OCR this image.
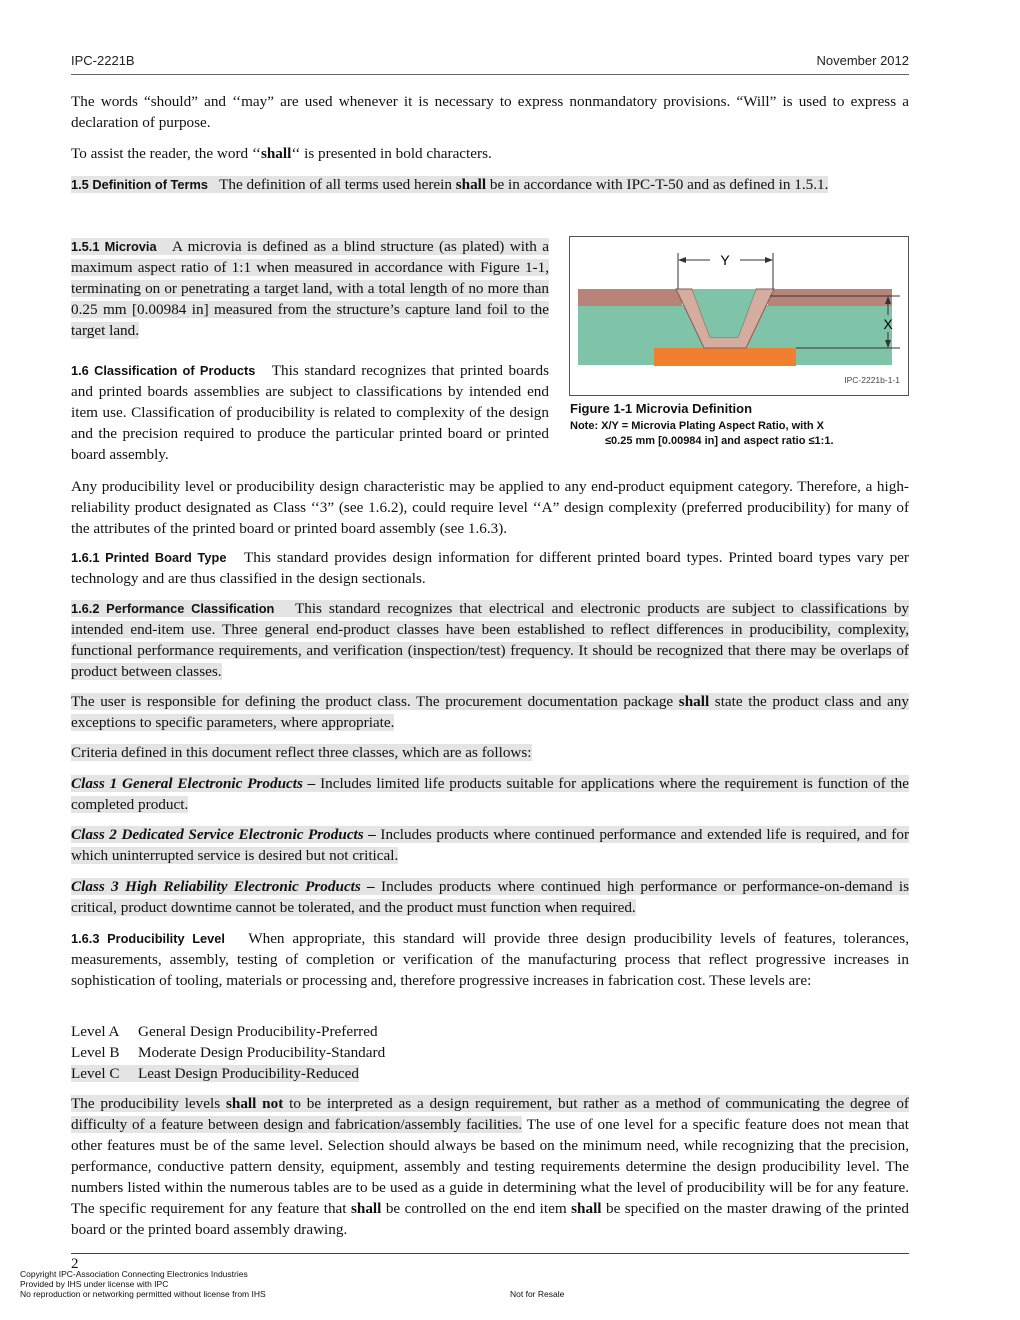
IPC-2221B	November 2012

The words “should” and ‘‘may” are used whenever it is necessary to express nonmandatory provisions. “Will” is used to express a declaration of purpose.

To assist the reader, the word ‘‘shall‘‘ is presented in bold characters.

1.5 Definition of Terms The definition of all terms used herein shall be in accordance with IPC-T-50 and as defined in 1.5.1.

1.5.1 Microvia A microvia is defined as a blind structure (as plated) with a maximum aspect ratio of 1:1 when measured in accordance with Figure 1-1, terminating on or penetrating a target land, with a total length of no more than 0.25 mm [0.00984 in] measured from the structure’s capture land foil to the target land.

1.6 Classification of Products This standard recognizes that printed boards and printed boards assemblies are subject to classifications by intended end item use. Classification of producibility is related to complexity of the design and the precision required to produce the particular printed board or printed board assembly.

Y
X
IPC-2221b-1-1
Figure 1-1 Microvia Definition
Note: X/Y = Microvia Plating Aspect Ratio, with X
≤0.25 mm [0.00984 in] and aspect ratio ≤1:1.

Any producibility level or producibility design characteristic may be applied to any end-product equipment category. Therefore, a high-reliability product designated as Class ‘‘3” (see 1.6.2), could require level ‘‘A” design complexity (preferred producibility) for many of the attributes of the printed board or printed board assembly (see 1.6.3).

1.6.1 Printed Board Type This standard provides design information for different printed board types. Printed board types vary per technology and are thus classified in the design sectionals.

1.6.2 Performance Classification This standard recognizes that electrical and electronic products are subject to classifications by intended end-item use. Three general end-product classes have been established to reflect differences in producibility, complexity, functional performance requirements, and verification (inspection/test) frequency. It should be recognized that there may be overlaps of product between classes.

The user is responsible for defining the product class. The procurement documentation package shall state the product class and any exceptions to specific parameters, where appropriate.

Criteria defined in this document reflect three classes, which are as follows:

Class 1 General Electronic Products – Includes limited life products suitable for applications where the requirement is function of the completed product.

Class 2 Dedicated Service Electronic Products – Includes products where continued performance and extended life is required, and for which uninterrupted service is desired but not critical.

Class 3 High Reliability Electronic Products – Includes products where continued high performance or performance-on-demand is critical, product downtime cannot be tolerated, and the product must function when required.

1.6.3 Producibility Level When appropriate, this standard will provide three design producibility levels of features, tolerances, measurements, assembly, testing of completion or verification of the manufacturing process that reflect progressive increases in sophistication of tooling, materials or processing and, therefore progressive increases in fabrication cost. These levels are:

Level A General Design Producibility-Preferred
Level B Moderate Design Producibility-Standard
Level C Least Design Producibility-Reduced

The producibility levels shall not to be interpreted as a design requirement, but rather as a method of communicating the degree of difficulty of a feature between design and fabrication/assembly facilities. The use of one level for a specific feature does not mean that other features must be of the same level. Selection should always be based on the minimum need, while recognizing that the precision, performance, conductive pattern density, equipment, assembly and testing requirements determine the design producibility level. The numbers listed within the numerous tables are to be used as a guide in determining what the level of producibility will be for any feature. The specific requirement for any feature that shall be controlled on the end item shall be specified on the master drawing of the printed board or the printed board assembly drawing.

2
Copyright IPC-Association Connecting Electronics Industries
Provided by IHS under license with IPC
No reproduction or networking permitted without license from IHS	Not for Resale
